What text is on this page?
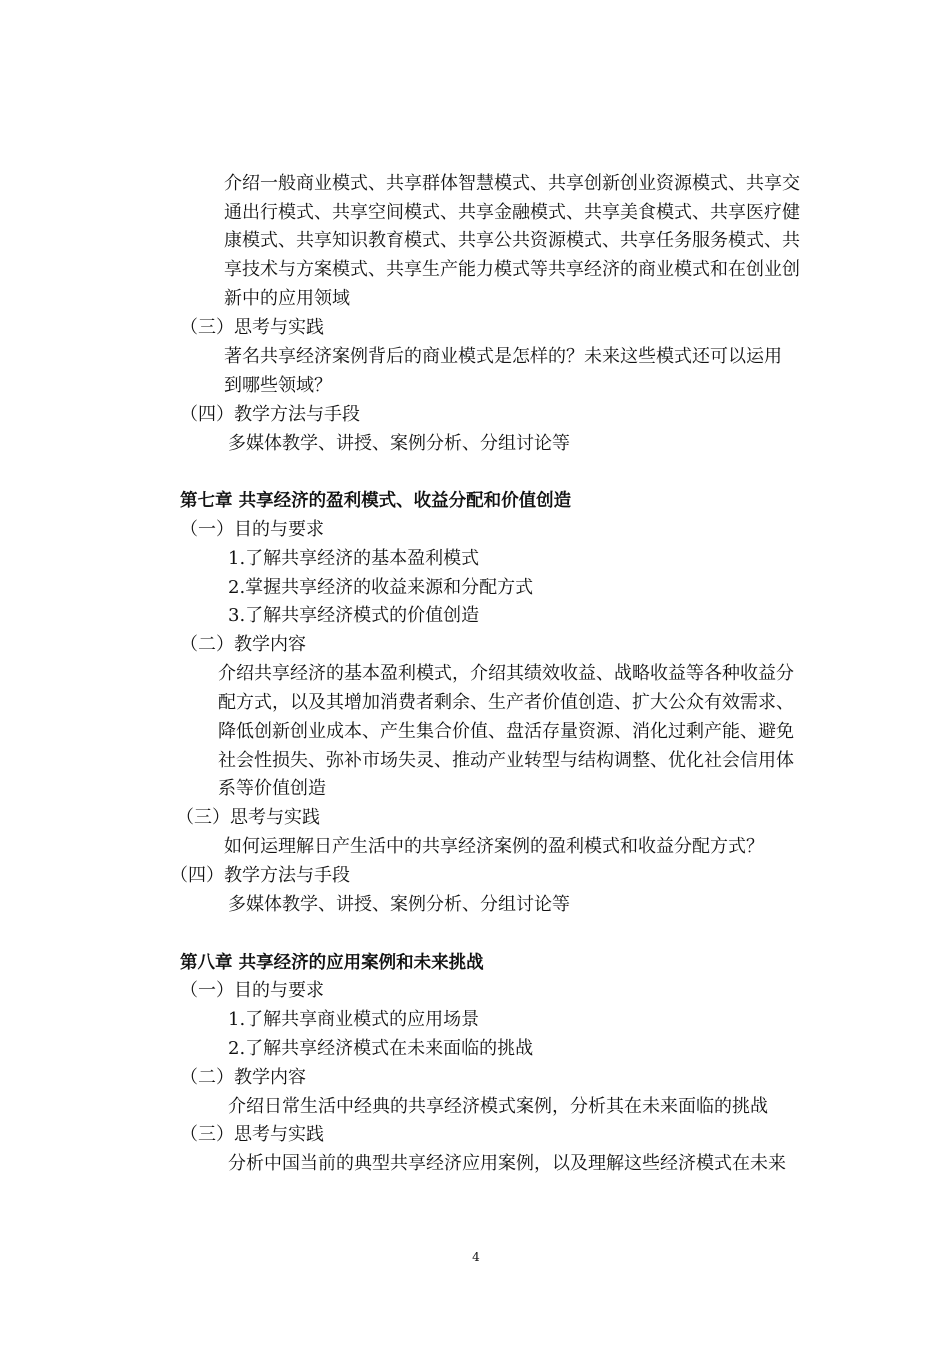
介绍一般商业模式、共享群体智慧模式、共享创新创业资源模式、共享交
通出行模式、共享空间模式、共享金融模式、共享美食模式、共享医疗健
康模式、共享知识教育模式、共享公共资源模式、共享任务服务模式、共
享技术与方案模式、共享生产能力模式等共享经济的商业模式和在创业创
新中的应用领域
（三）思考与实践
著名共享经济案例背后的商业模式是怎样的？未来这些模式还可以运用
到哪些领域？
（四）教学方法与手段
多媒体教学、讲授、案例分析、分组讨论等
第七章 共享经济的盈利模式、收益分配和价值创造
（一）目的与要求
1.了解共享经济的基本盈利模式
2.掌握共享经济的收益来源和分配方式
3.了解共享经济模式的价值创造
（二）教学内容
介绍共享经济的基本盈利模式，介绍其绩效收益、战略收益等各种收益分
配方式，以及其增加消费者剩余、生产者价值创造、扩大公众有效需求、
降低创新创业成本、产生集合价值、盘活存量资源、消化过剩产能、避免
社会性损失、弥补市场失灵、推动产业转型与结构调整、优化社会信用体
系等价值创造
（三）思考与实践
如何运理解日产生活中的共享经济案例的盈利模式和收益分配方式？
（四）教学方法与手段
多媒体教学、讲授、案例分析、分组讨论等
第八章 共享经济的应用案例和未来挑战
（一）目的与要求
1.了解共享商业模式的应用场景
2.了解共享经济模式在未来面临的挑战
（二）教学内容
介绍日常生活中经典的共享经济模式案例，分析其在未来面临的挑战
（三）思考与实践
分析中国当前的典型共享经济应用案例，以及理解这些经济模式在未来
4
